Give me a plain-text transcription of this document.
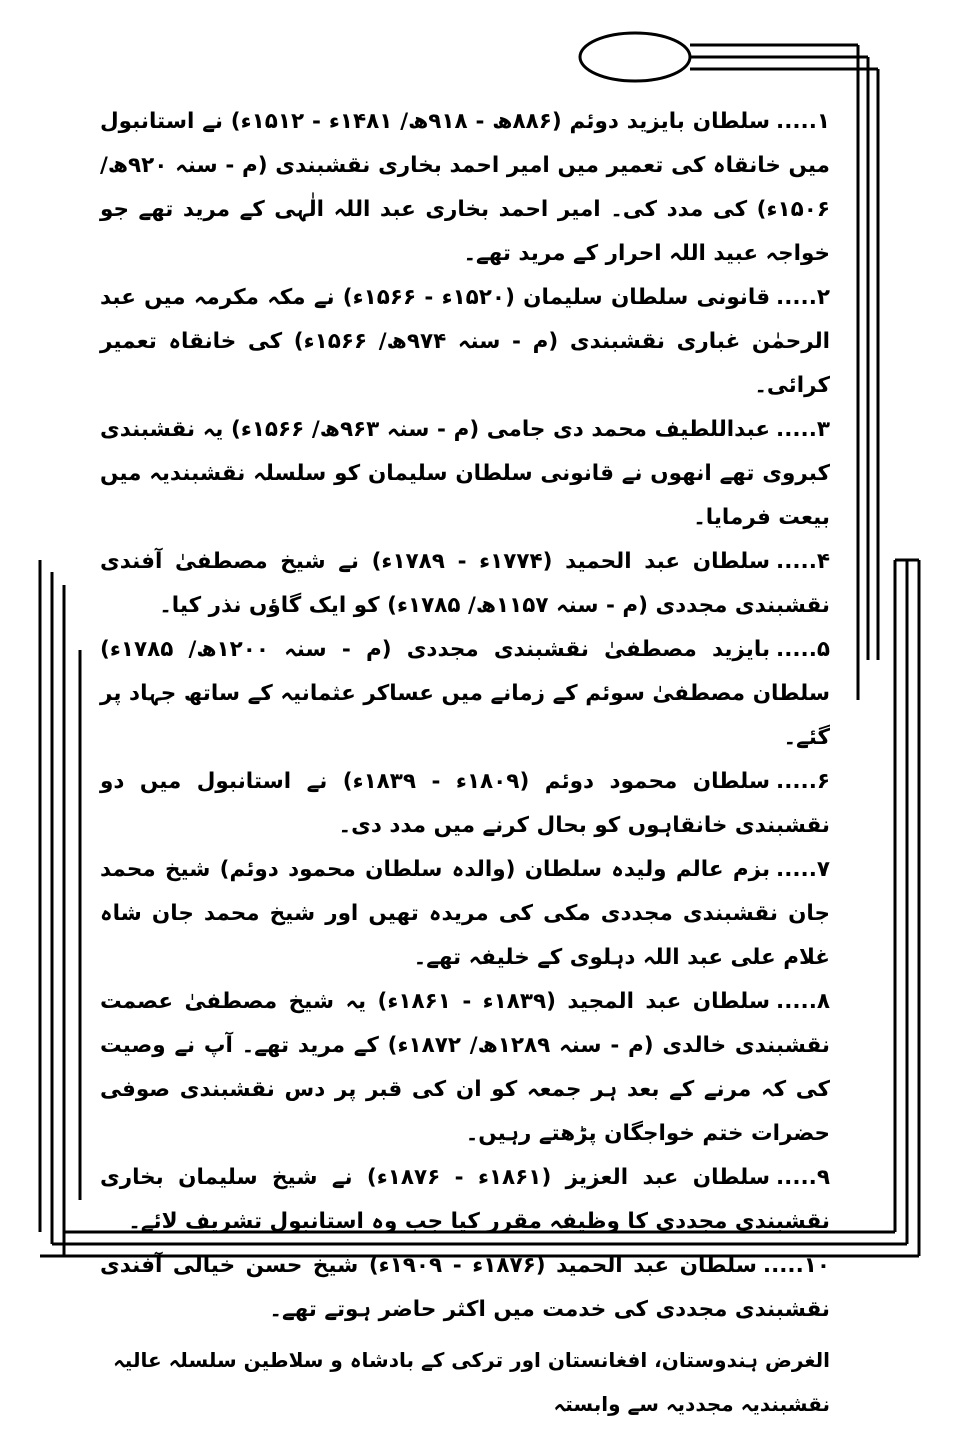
۱.....سلطان بایزید دوئم (۸۸۶ھ - ۹۱۸ھ/ ۱۴۸۱ء - ۱۵۱۲ء) نے استانبول میں خانقاہ کی تعمیر میں امیر احمد بخاری نقشبندی (م - سنہ ۹۲۰ھ/ ۱۵۰۶ء) کی مدد کی۔ امیر احمد بخاری عبد اللہ الٰہی کے مرید تھے جو خواجہ عبید اللہ احرار کے مرید تھے۔

۲.....قانونی سلطان سلیمان (۱۵۲۰ء - ۱۵۶۶ء) نے مکہ مکرمہ میں عبد الرحمٰن غباری نقشبندی (م - سنہ ۹۷۴ھ/ ۱۵۶۶ء) کی خانقاہ تعمیر کرائی۔

۳.....عبداللطیف محمد دی جامی (م - سنہ ۹۶۳ھ/ ۱۵۶۶ء) یہ نقشبندی کبروی تھے انھوں نے قانونی سلطان سلیمان کو سلسلہ نقشبندیہ میں بیعت فرمایا۔

۴.....سلطان عبد الحمید (۱۷۷۴ء - ۱۷۸۹ء) نے شیخ مصطفیٰ آفندی نقشبندی مجددی (م - سنہ ۱۱۵۷ھ/ ۱۷۸۵ء) کو ایک گاؤں نذر کیا۔

۵.....بایزید مصطفیٰ نقشبندی مجددی (م - سنہ ۱۲۰۰ھ/ ۱۷۸۵ء) سلطان مصطفیٰ سوئم کے زمانے میں عساکر عثمانیہ کے ساتھ جہاد پر گئے۔

۶.....سلطان محمود دوئم (۱۸۰۹ء - ۱۸۳۹ء) نے استانبول میں دو نقشبندی خانقاہوں کو بحال کرنے میں مدد دی۔

۷.....بزم عالم ولیدہ سلطان (والدہ سلطان محمود دوئم) شیخ محمد جان نقشبندی مجددی مکی کی مریدہ تھیں اور شیخ محمد جان شاہ غلام علی عبد اللہ دہلوی کے خلیفہ تھے۔

۸.....سلطان عبد المجید (۱۸۳۹ء - ۱۸۶۱ء) یہ شیخ مصطفیٰ عصمت نقشبندی خالدی (م - سنہ ۱۲۸۹ھ/ ۱۸۷۲ء) کے مرید تھے۔ آپ نے وصیت کی کہ مرنے کے بعد ہر جمعہ کو ان کی قبر پر دس نقشبندی صوفی حضرات ختم خواجگان پڑھتے رہیں۔

۹.....سلطان عبد العزیز (۱۸۶۱ء - ۱۸۷۶ء) نے شیخ سلیمان بخاری نقشبندی مجددی کا وظیفہ مقرر کیا جب وہ استانبول تشریف لائے۔

۱۰.....سلطان عبد الحمید (۱۸۷۶ء - ۱۹۰۹ء) شیخ حسن خیالی آفندی نقشبندی مجددی کی خدمت میں اکثر حاضر ہوتے تھے۔

الغرض ہندوستان، افغانستان اور ترکی کے بادشاہ و سلاطین سلسلہ عالیہ نقشبندیہ مجددیہ سے وابستہ
